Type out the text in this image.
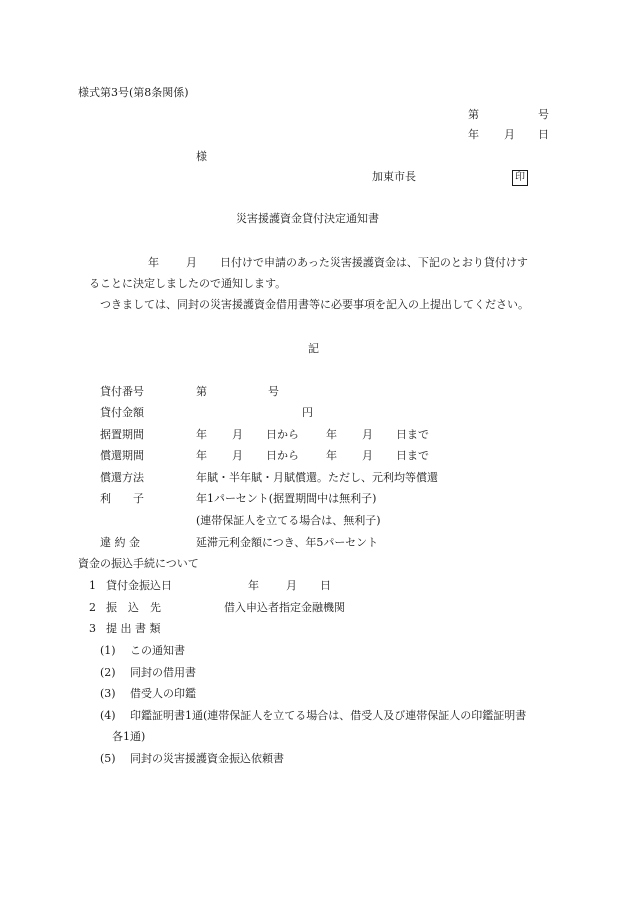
様式第3号(第8条関係)
第	号
年 月 日
様
加東市長	印
災害援護資金貸付決定通知書
年 月 日付けで申請のあった災害援護資金は、下記のとおり貸付けす
ることに決定しましたので通知します。
つきましては、同封の災害援護資金借用書等に必要事項を記入の上提出してください。
記
貸付番号	第	号
貸付金額	円
据置期間	年 月 日から 年 月 日まで
償還期間	年 月 日から 年 月 日まで
償還方法	年賦・半年賦・月賦償還。ただし、元利均等償還
利　　子	年1パーセント(据置期間中は無利子)
(連帯保証人を立てる場合は、無利子)
違 約 金	延滞元利金額につき、年5パーセント
資金の振込手続について
1 貸付金振込日	年 月 日
2 振　込　先	借入申込者指定金融機関
3 提 出 書 類
(1) この通知書
(2) 同封の借用書
(3) 借受人の印鑑
(4) 印鑑証明書1通(連帯保証人を立てる場合は、借受人及び連帯保証人の印鑑証明書
各1通)
(5) 同封の災害援護資金振込依頼書
